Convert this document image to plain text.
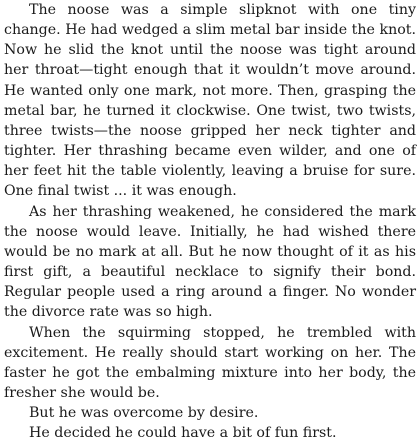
The noose was a simple slipknot with one tiny change. He had wedged a slim metal bar inside the knot. Now he slid the knot until the noose was tight around her throat—tight enough that it wouldn’t move around. He wanted only one mark, not more. Then, grasping the metal bar, he turned it clockwise. One twist, two twists, three twists—the noose gripped her neck tighter and tighter. Her thrashing became even wilder, and one of her feet hit the table violently, leaving a bruise for sure. One final twist ... it was enough.

As her thrashing weakened, he considered the mark the noose would leave. Initially, he had wished there would be no mark at all. But he now thought of it as his first gift, a beautiful necklace to signify their bond. Regular people used a ring around a finger. No wonder the divorce rate was so high.

When the squirming stopped, he trembled with excitement. He really should start working on her. The faster he got the embalming mixture into her body, the fresher she would be.

But he was overcome by desire.

He decided he could have a bit of fun first.
